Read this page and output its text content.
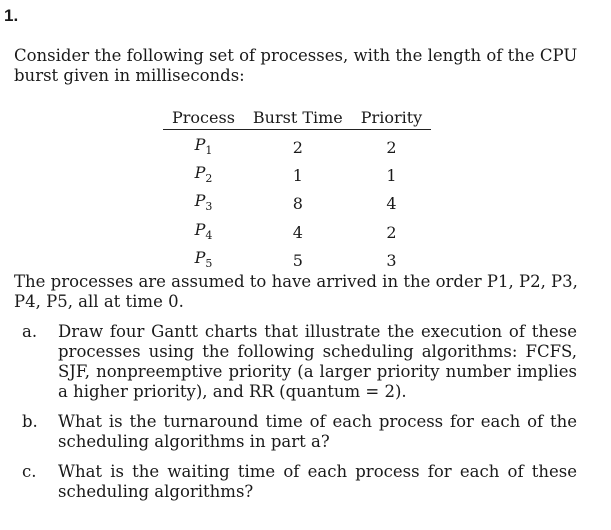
1.
Consider the following set of processes, with the length of the CPU burst given in milliseconds:
Process	Burst Time	Priority
$P_1$	2	2
$P_2$	1	1
$P_3$	8	4
$P_4$	4	2
$P_5$	5	3
The processes are assumed to have arrived in the order P1, P2, P3, P4, P5, all at time 0.
a.	Draw four Gantt charts that illustrate the execution of these processes using the following scheduling algorithms: FCFS, SJF, nonpreemptive priority (a larger priority number implies a higher priority), and RR (quantum = 2).
b.	What is the turnaround time of each process for each of the scheduling algorithms in part a?
c.	What is the waiting time of each process for each of these scheduling algorithms?
